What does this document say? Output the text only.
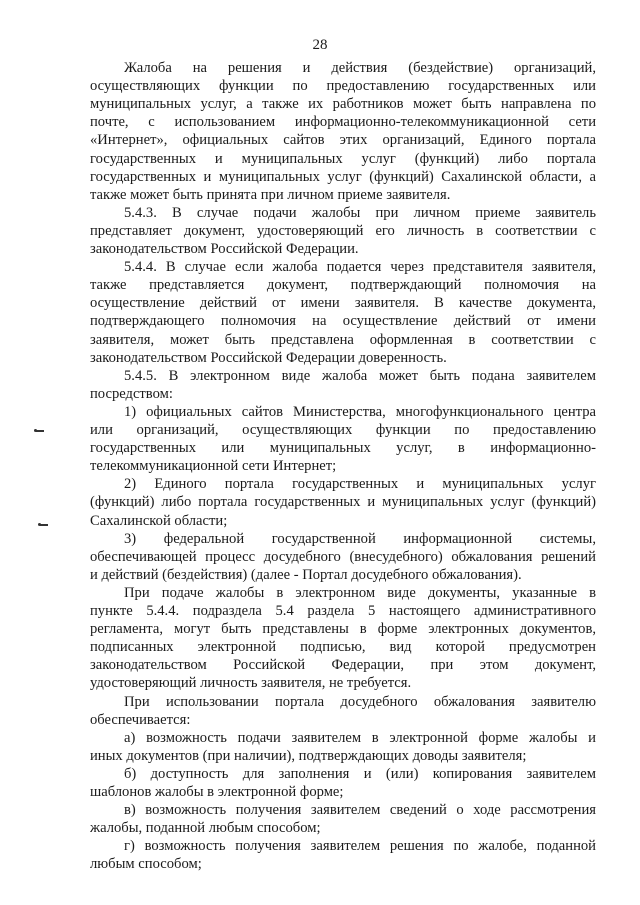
28
Жалоба на решения и действия (бездействие) организаций,
осуществляющих функции по предоставлению государственных или
муниципальных услуг, а также их работников может быть направлена по
почте, с использованием информационно-телекоммуникационной сети
«Интернет», официальных сайтов этих организаций, Единого портала
государственных и муниципальных услуг (функций) либо портала
государственных и муниципальных услуг (функций) Сахалинской области, а
также может быть принята при личном приеме заявителя.
5.4.3. В случае подачи жалобы при личном приеме заявитель
представляет документ, удостоверяющий его личность в соответствии с
законодательством Российской Федерации.
5.4.4. В случае если жалоба подается через представителя заявителя,
также представляется документ, подтверждающий полномочия на
осуществление действий от имени заявителя. В качестве документа,
подтверждающего полномочия на осуществление действий от имени
заявителя, может быть представлена оформленная в соответствии с
законодательством Российской Федерации доверенность.
5.4.5. В электронном виде жалоба может быть подана заявителем
посредством:
1) официальных сайтов Министерства, многофункционального центра
или организаций, осуществляющих функции по предоставлению
государственных или муниципальных услуг, в информационно-
телекоммуникационной сети Интернет;
2) Единого портала государственных и муниципальных услуг
(функций) либо портала государственных и муниципальных услуг (функций)
Сахалинской области;
3) федеральной государственной информационной системы,
обеспечивающей процесс досудебного (внесудебного) обжалования решений
и действий (бездействия) (далее - Портал досудебного обжалования).
При подаче жалобы в электронном виде документы, указанные в
пункте 5.4.4. подраздела 5.4 раздела 5 настоящего административного
регламента, могут быть представлены в форме электронных документов,
подписанных электронной подписью, вид которой предусмотрен
законодательством Российской Федерации, при этом документ,
удостоверяющий личность заявителя, не требуется.
При использовании портала досудебного обжалования заявителю
обеспечивается:
а) возможность подачи заявителем в электронной форме жалобы и
иных документов (при наличии), подтверждающих доводы заявителя;
б) доступность для заполнения и (или) копирования заявителем
шаблонов жалобы в электронной форме;
в) возможность получения заявителем сведений о ходе рассмотрения
жалобы, поданной любым способом;
г) возможность получения заявителем решения по жалобе, поданной
любым способом;
